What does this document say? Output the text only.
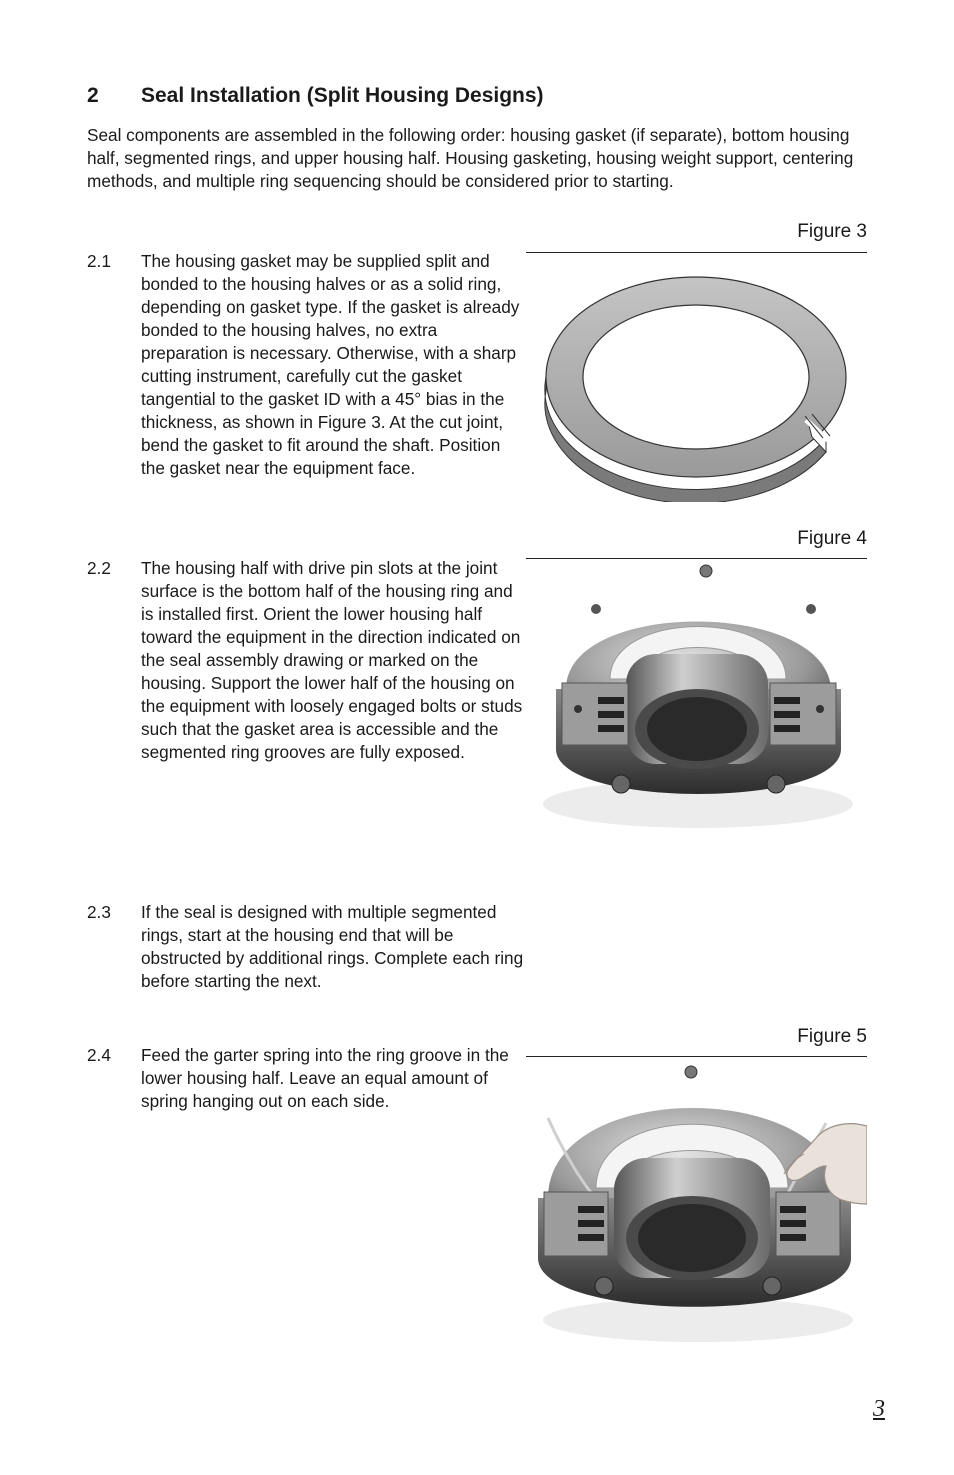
2 Seal Installation (Split Housing Designs)
Seal components are assembled in the following order: housing gasket (if separate), bottom housing half, segmented rings, and upper housing half. Housing gasketing, housing weight support, centering methods, and multiple ring sequencing should be considered prior to starting.
Figure 3
2.1 The housing gasket may be supplied split and bonded to the housing halves or as a solid ring, depending on gasket type. If the gasket is already bonded to the housing halves, no extra preparation is necessary. Otherwise, with a sharp cutting instrument, carefully cut the gasket tangential to the gasket ID with a 45° bias in the thickness, as shown in Figure 3. At the cut joint, bend the gasket to fit around the shaft. Position the gasket near the equipment face.
Figure 4
2.2 The housing half with drive pin slots at the joint surface is the bottom half of the housing ring and is installed first. Orient the lower housing half toward the equipment in the direction indicated on the seal assembly drawing or marked on the housing. Support the lower half of the housing on the equipment with loosely engaged bolts or studs such that the gasket area is accessible and the segmented ring grooves are fully exposed.
2.3 If the seal is designed with multiple segmented rings, start at the housing end that will be obstructed by additional rings. Complete each ring before starting the next.
Figure 5
2.4 Feed the garter spring into the ring groove in the lower housing half. Leave an equal amount of spring hanging out on each side.
3
